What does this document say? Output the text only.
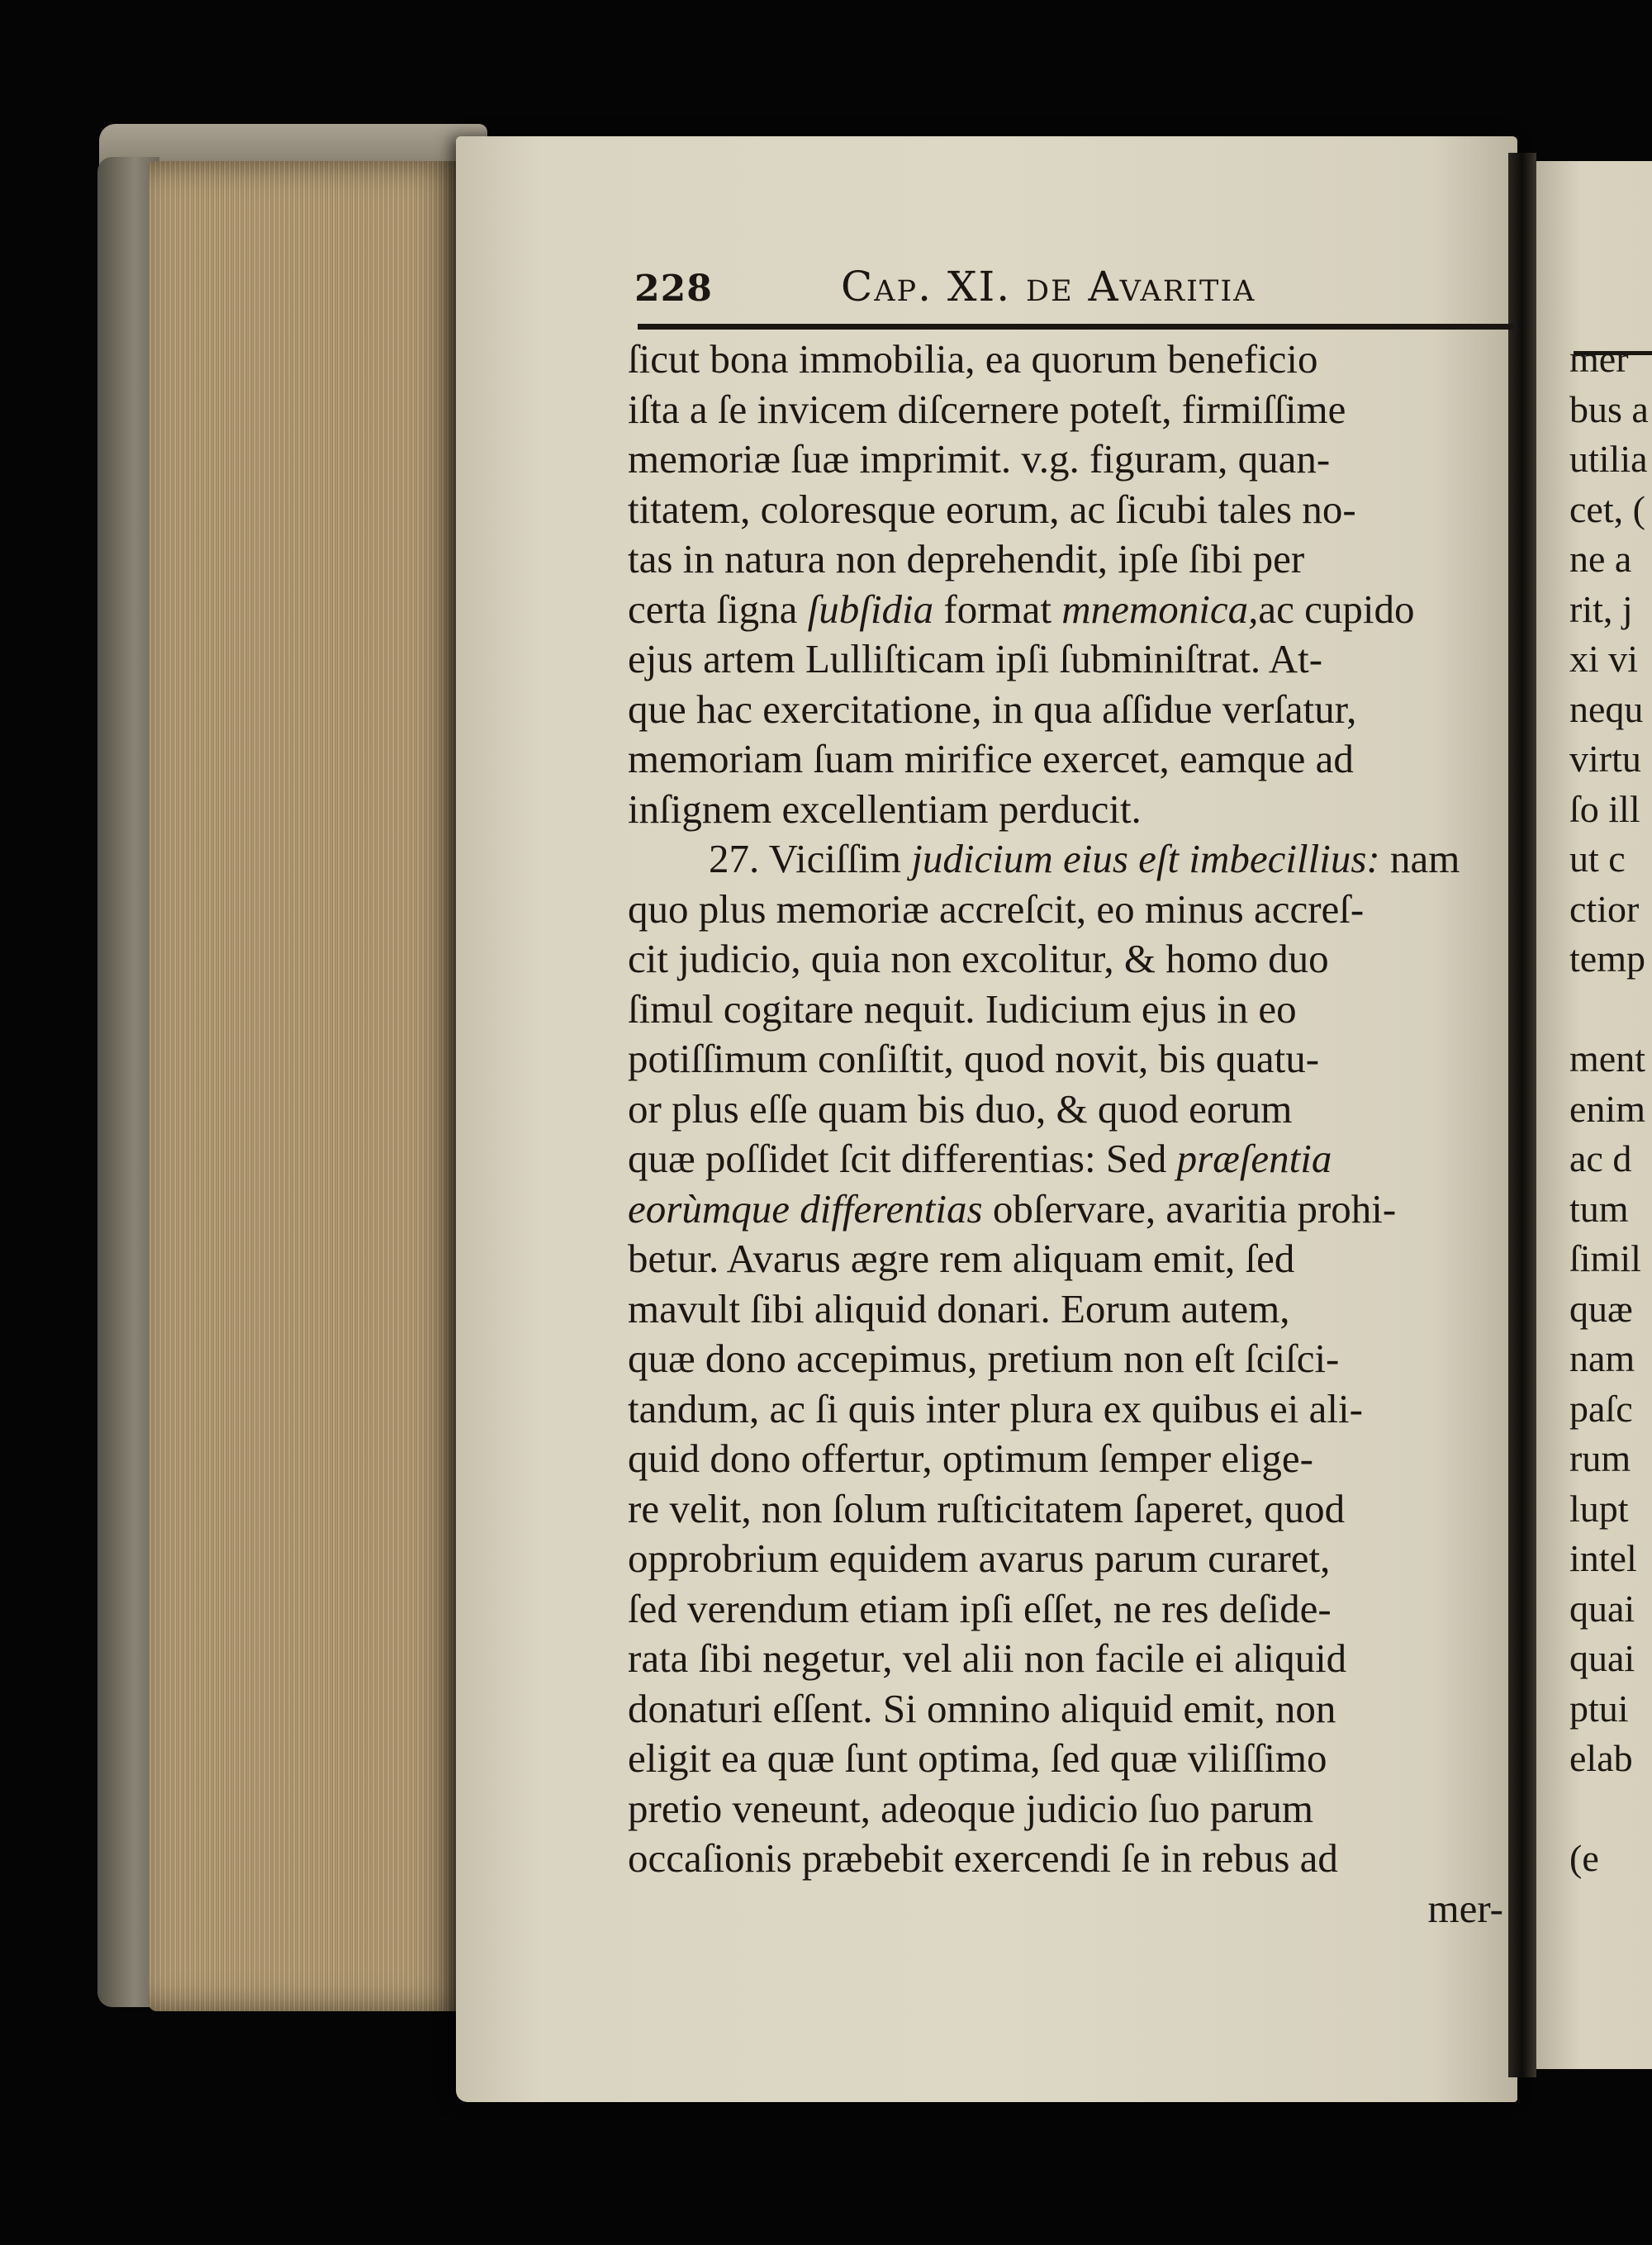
228	Cap. XI. de Avaritia
ſicut bona immobilia, ea quorum beneficio
iſta a ſe invicem diſcernere poteſt, firmiſſime
memoriæ ſuæ imprimit. v.g. figuram, quan-
titatem, coloresque eorum, ac ſicubi tales no-
tas in natura non deprehendit, ipſe ſibi per
certa ſigna ſubſidia format mnemonica,ac cupido
ejus artem Lulliſticam ipſi ſubminiſtrat. At-
que hac exercitatione, in qua aſſidue verſatur,
memoriam ſuam mirifice exercet, eamque ad
inſignem excellentiam perducit.
27. Viciſſim judicium eius eſt imbecillius: nam
quo plus memoriæ accreſcit, eo minus accreſ-
cit judicio, quia non excolitur, & homo duo
ſimul cogitare nequit. Iudicium ejus in eo
potiſſimum conſiſtit, quod novit, bis quatu-
or plus eſſe quam bis duo, & quod eorum
quæ poſſidet ſcit differentias: Sed præſentia
eorùmque differentias obſervare, avaritia prohi-
betur. Avarus ægre rem aliquam emit, ſed
mavult ſibi aliquid donari. Eorum autem,
quæ dono accepimus, pretium non eſt ſciſci-
tandum, ac ſi quis inter plura ex quibus ei ali-
quid dono offertur, optimum ſemper elige-
re velit, non ſolum ruſticitatem ſaperet, quod
opprobrium equidem avarus parum curaret,
ſed verendum etiam ipſi eſſet, ne res deſide-
rata ſibi negetur, vel alii non facile ei aliquid
donaturi eſſent. Si omnino aliquid emit, non
eligit ea quæ ſunt optima, ſed quæ viliſſimo
pretio veneunt, adeoque judicio ſuo parum
occaſionis præbebit exercendi ſe in rebus ad
mer-
mer
bus a
utilia
cet, (
ne a
rit, j
xi vi
nequ
virtu
ſo ill
ut c
ctior
temp
ment
enim
ac d
tum
ſimil
quæ
nam
paſc
rum
lupt
intel
quai
quai
ptui
elab
(e
